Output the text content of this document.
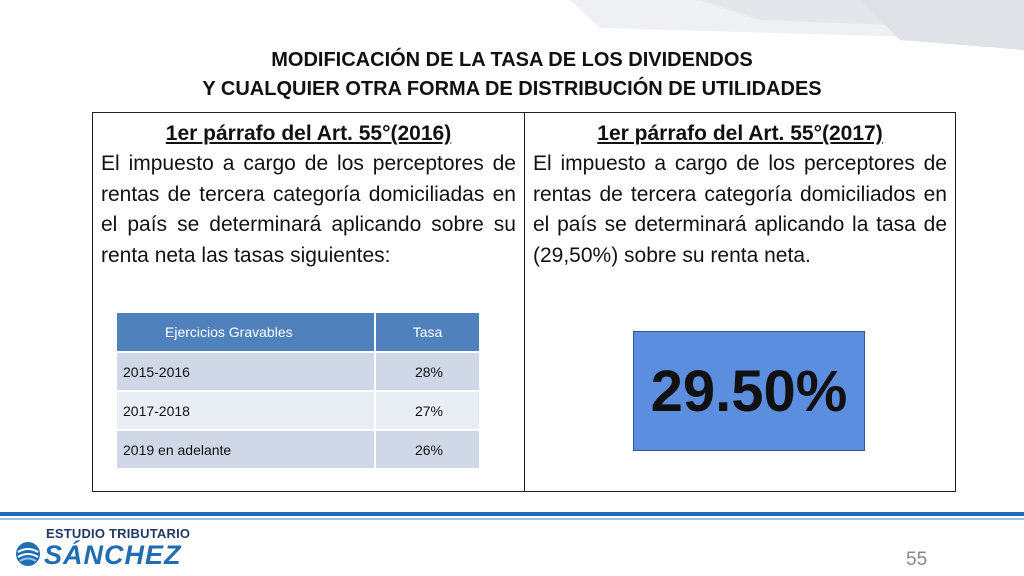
MODIFICACIÓN DE LA TASA DE LOS DIVIDENDOS
Y CUALQUIER OTRA FORMA DE DISTRIBUCIÓN DE UTILIDADES
1er párrafo del Art. 55°(2016)
El impuesto a cargo de los perceptores de rentas de tercera categoría domiciliadas en el país se determinará aplicando sobre su renta neta las tasas siguientes:
Ejercicios Gravables	Tasa
2015-2016	28%
2017-2018	27%
2019 en adelante	26%
1er párrafo del Art. 55°(2017)
El impuesto a cargo de los perceptores de rentas de tercera categoría domiciliados en el país se determinará aplicando la tasa de (29,50%) sobre su renta neta.
29.50%
ESTUDIO TRIBUTARIO
SÁNCHEZ	55
